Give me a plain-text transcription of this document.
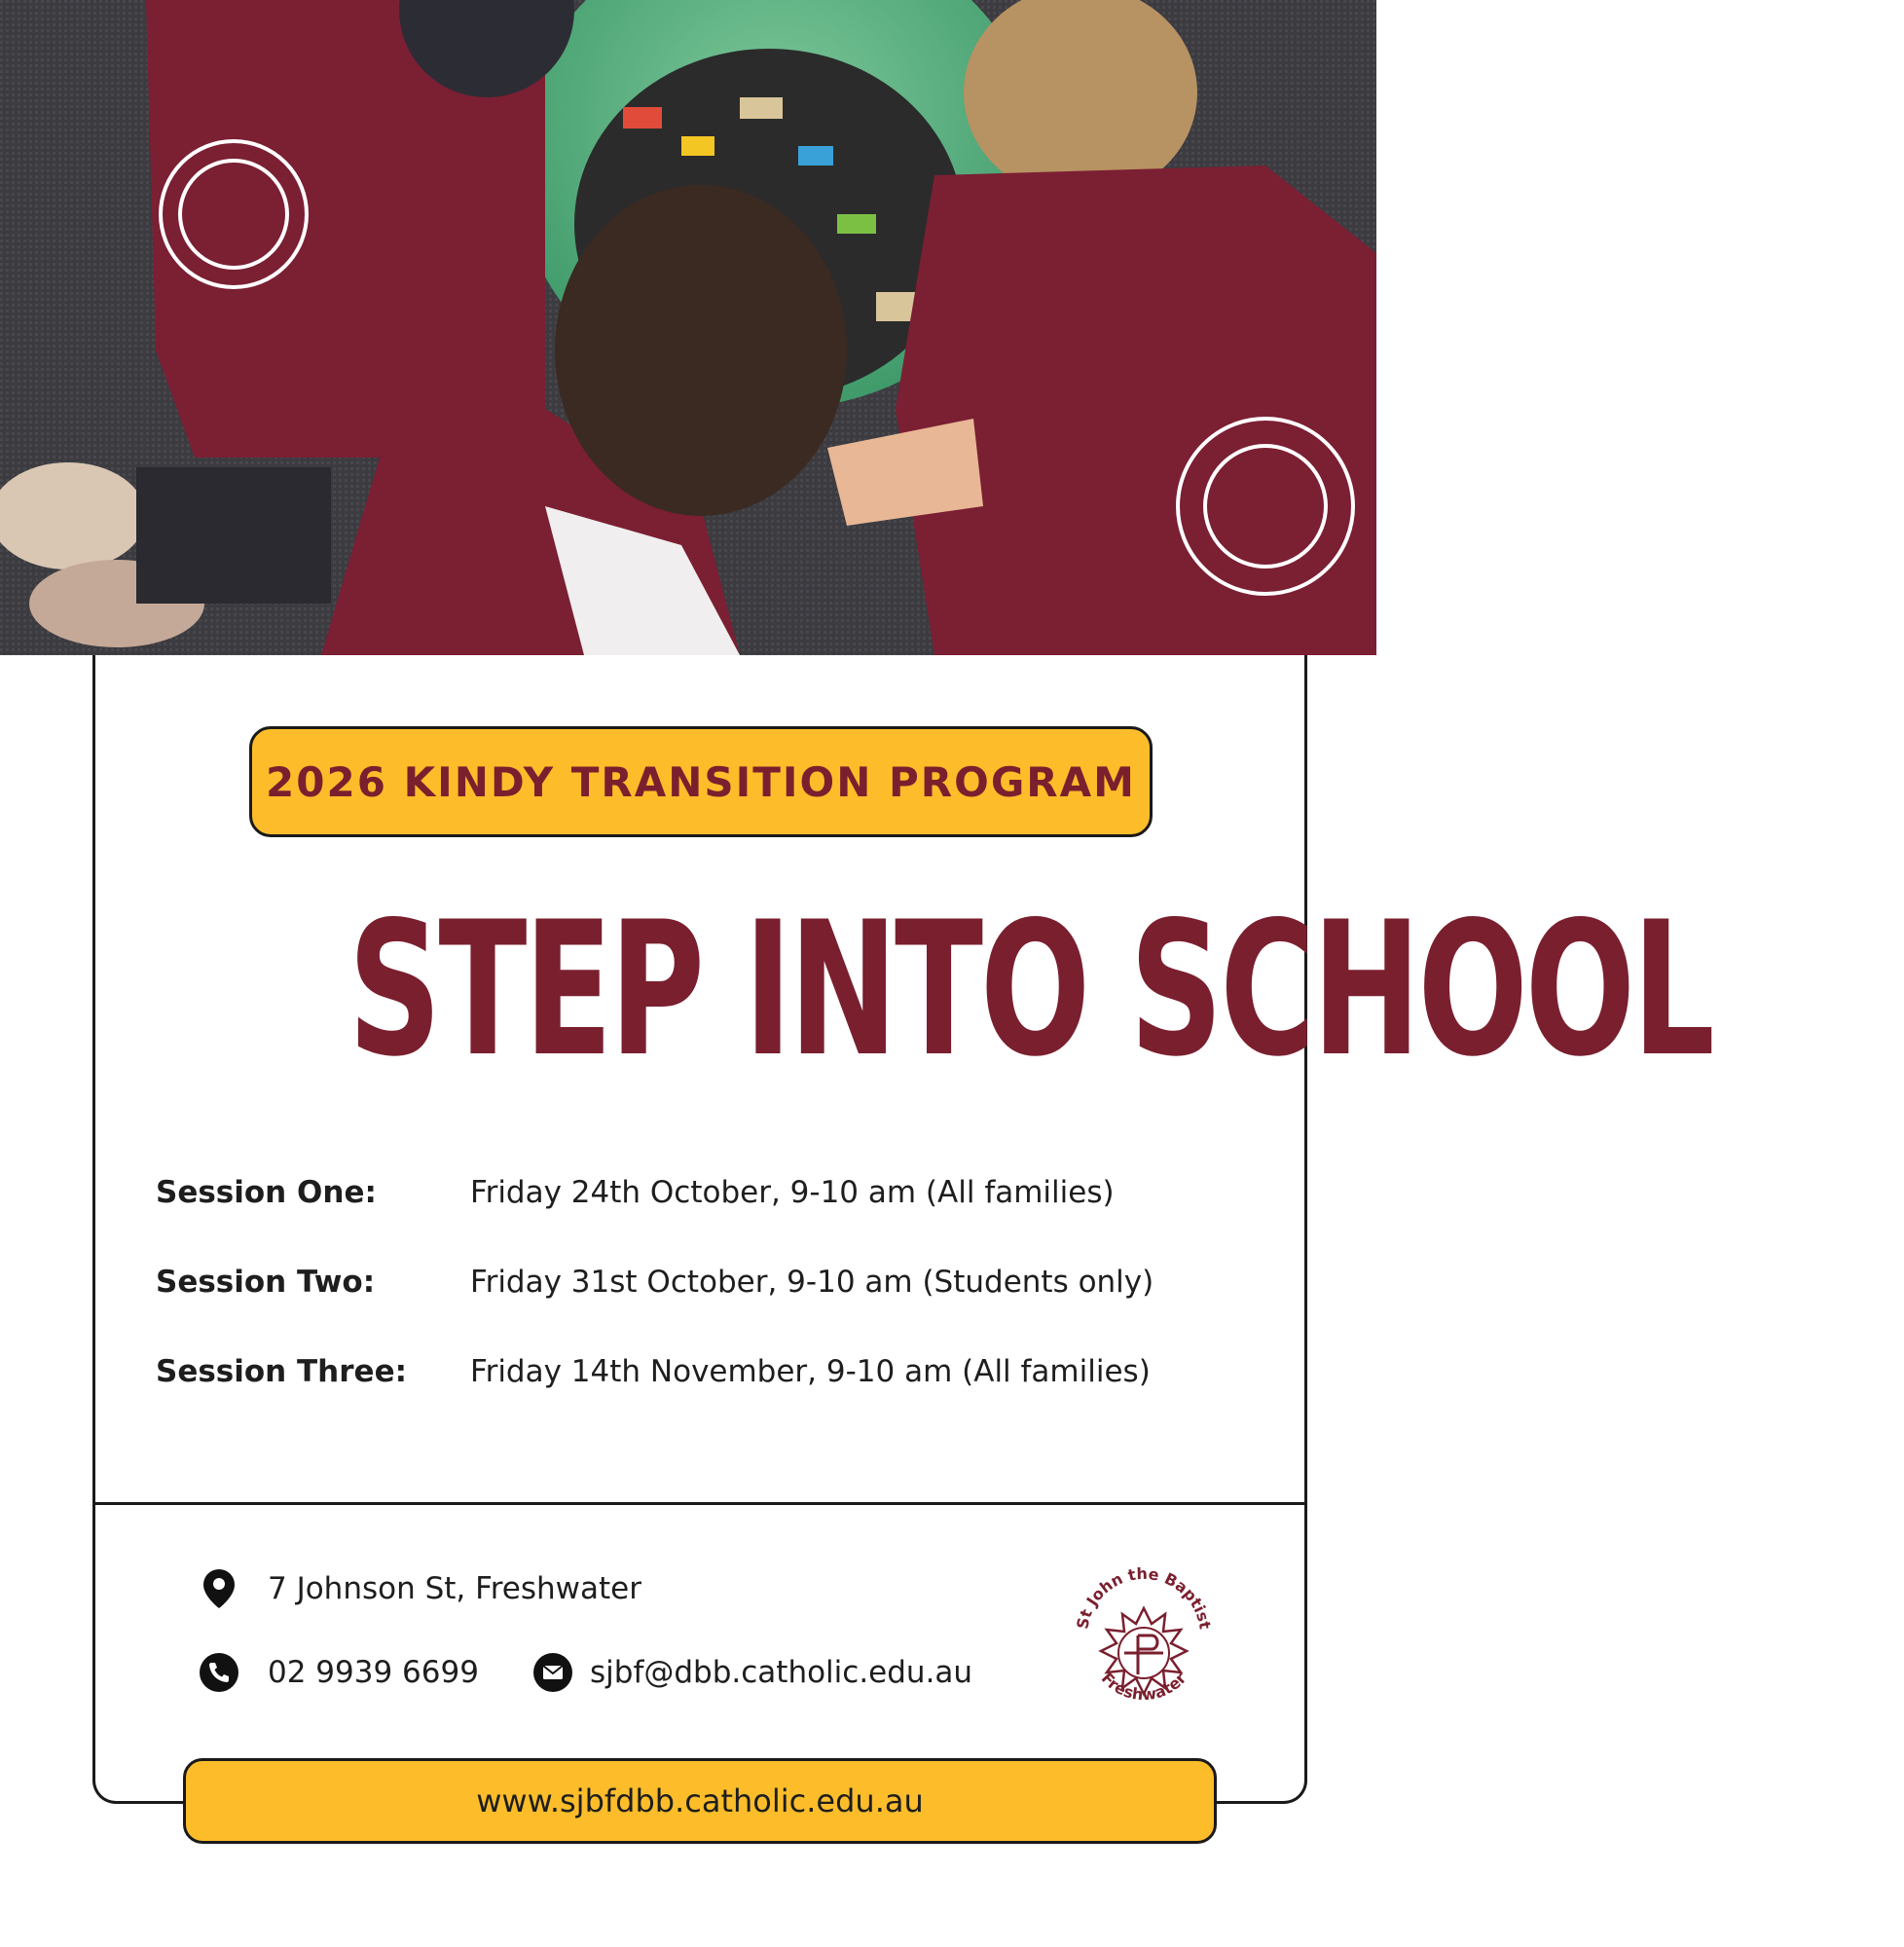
2026 KINDY TRANSITION PROGRAM
STEP INTO SCHOOL
Session One:	Friday 24th October, 9-10 am (All families)
Session Two:	Friday 31st October, 9-10 am (Students only)
Session Three: Friday 14th November, 9-10 am (All families)
7 Johnson St, Freshwater
02 9939 6699	sjbf@dbb.catholic.edu.au
St John the Baptist
Freshwater
www.sjbfdbb.catholic.edu.au
